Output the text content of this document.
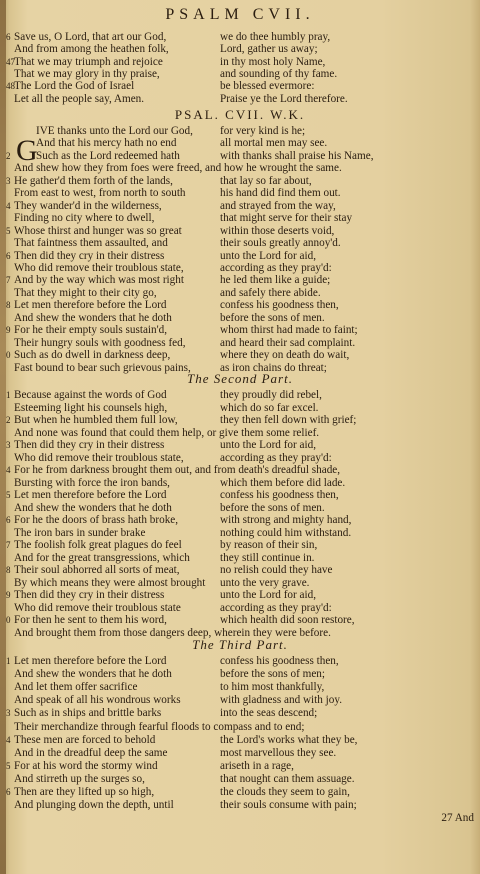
PSALM CVII.
6 Save us, O Lord, that art our God,	we do thee humbly pray,
And from among the heathen folk,	Lord, gather us away;
47 That we may triumph and rejoice	in thy most holy Name,
That we may glory in thy praise,	and sounding of thy fame.
48 The Lord the God of Israel	be blessed evermore:
Let all the people say, Amen.	Praise ye the Lord therefore.
PSAL. CVII. W.K.
G
IVE thanks unto the Lord our God,	for very kind is he;
And that his mercy hath no end	all mortal men may see.
2	Such as the Lord redeemed hath	with thanks shall praise his Name,
And shew how they from foes were freed, and how he wrought the same.
3 He gather'd them forth of the lands,	that lay so far about,
From east to west, from north to south	his hand did find them out.
4 They wander'd in the wilderness,	and strayed from the way,
Finding no city where to dwell,	that might serve for their stay
5 Whose thirst and hunger was so great	within those deserts void,
That faintness them assaulted, and	their souls greatly annoy'd.
6 Then did they cry in their distress	unto the Lord for aid,
Who did remove their troublous state,	according as they pray'd:
7 And by the way which was most right	he led them like a guide;
That they might to their city go,	and safely there abide.
8 Let men therefore before the Lord	confess his goodness then,
And shew the wonders that he doth	before the sons of men.
9 For he their empty souls sustain'd,	whom thirst had made to faint;
Their hungry souls with goodness fed,	and heard their sad complaint.
0 Such as do dwell in darkness deep,	where they on death do wait,
Fast bound to bear such grievous pains,	as iron chains do threat;
The Second Part.
1 Because against the words of God	they proudly did rebel,
Esteeming light his counsels high,	which do so far excel.
2 But when he humbled them full low,	they then fell down with grief;
And none was found that could them help, or give them some relief.
3 Then did they cry in their distress	unto the Lord for aid,
Who did remove their troublous state,	according as they pray'd:
4 For he from darkness brought them out, and from death's dreadful shade,
Bursting with force the iron bands,	which them before did lade.
5 Let men therefore before the Lord	confess his goodness then,
And shew the wonders that he doth	before the sons of men.
6 For he the doors of brass hath broke,	with strong and mighty hand,
The iron bars in sunder brake	nothing could him withstand.
7 The foolish folk great plagues do feel	by reason of their sin,
And for the great transgressions, which	they still continue in.
8 Their soul abhorred all sorts of meat,	no relish could they have
By which means they were almost brought	unto the very grave.
9 Then did they cry in their distress	unto the Lord for aid,
Who did remove their troublous state	according as they pray'd:
0 For then he sent to them his word,	which health did soon restore,
And brought them from those dangers deep, wherein they were before.
The Third Part.
1 Let men therefore before the Lord	confess his goodness then,
And shew the wonders that he doth	before the sons of men;
And let them offer sacrifice	to him most thankfully,
And speak of all his wondrous works	with gladness and with joy.
3 Such as in ships and brittle barks	into the seas descend;
Their merchandize through fearful floods to compass and to end;
4 These men are forced to behold	the Lord's works what they be,
And in the dreadful deep the same	most marvellous they see.
5 For at his word the stormy wind	ariseth in a rage,
And stirreth up the surges so,	that nought can them assuage.
6 Then are they lifted up so high,	the clouds they seem to gain,
And plunging down the depth, until	their souls consume with pain;
27 And
